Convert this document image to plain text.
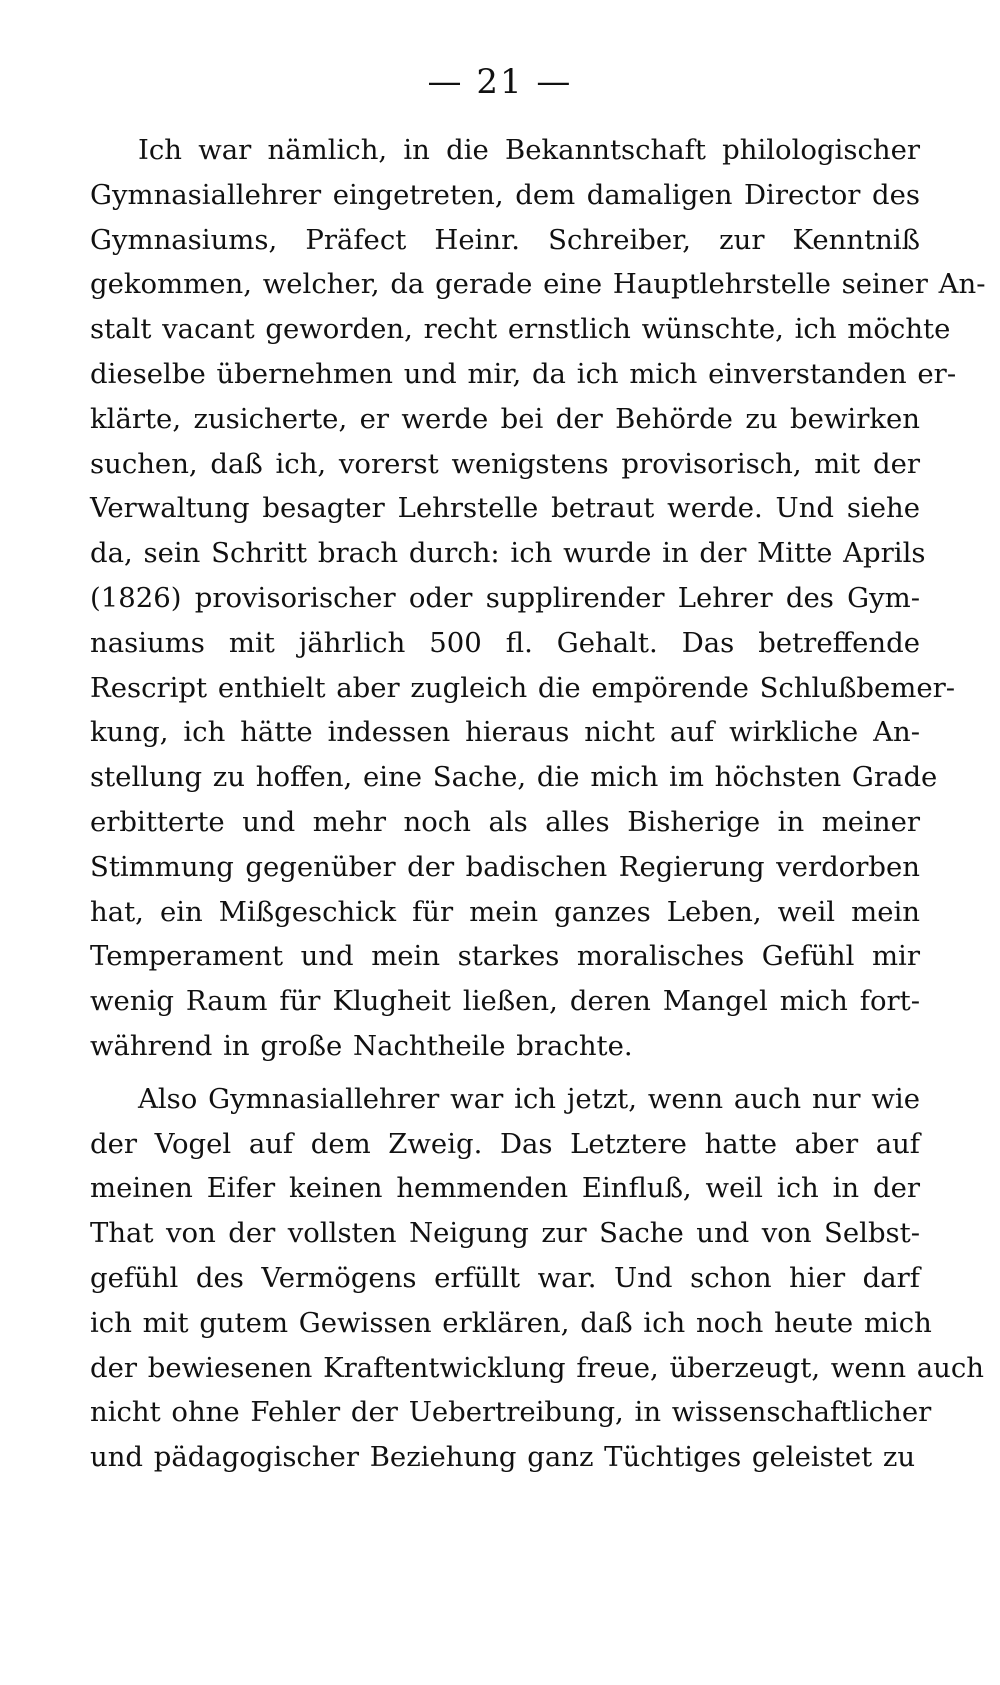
— 21 —
Ich war nämlich, in die Bekanntschaft philologischer
Gymnasiallehrer eingetreten, dem damaligen Director des
Gymnasiums, Präfect Heinr. Schreiber, zur Kenntniß
gekommen, welcher, da gerade eine Hauptlehrstelle seiner An-
stalt vacant geworden, recht ernstlich wünschte, ich möchte
dieselbe übernehmen und mir, da ich mich einverstanden er-
klärte, zusicherte, er werde bei der Behörde zu bewirken
suchen, daß ich, vorerst wenigstens provisorisch, mit der
Verwaltung besagter Lehrstelle betraut werde. Und siehe
da, sein Schritt brach durch: ich wurde in der Mitte Aprils
(1826) provisorischer oder supplirender Lehrer des Gym-
nasiums mit jährlich 500 fl. Gehalt. Das betreffende
Rescript enthielt aber zugleich die empörende Schlußbemer-
kung, ich hätte indessen hieraus nicht auf wirkliche An-
stellung zu hoffen, eine Sache, die mich im höchsten Grade
erbitterte und mehr noch als alles Bisherige in meiner
Stimmung gegenüber der badischen Regierung verdorben
hat, ein Mißgeschick für mein ganzes Leben, weil mein
Temperament und mein starkes moralisches Gefühl mir
wenig Raum für Klugheit ließen, deren Mangel mich fort-
während in große Nachtheile brachte.
Also Gymnasiallehrer war ich jetzt, wenn auch nur wie
der Vogel auf dem Zweig. Das Letztere hatte aber auf
meinen Eifer keinen hemmenden Einfluß, weil ich in der
That von der vollsten Neigung zur Sache und von Selbst-
gefühl des Vermögens erfüllt war. Und schon hier darf
ich mit gutem Gewissen erklären, daß ich noch heute mich
der bewiesenen Kraftentwicklung freue, überzeugt, wenn auch
nicht ohne Fehler der Uebertreibung, in wissenschaftlicher
und pädagogischer Beziehung ganz Tüchtiges geleistet zu
